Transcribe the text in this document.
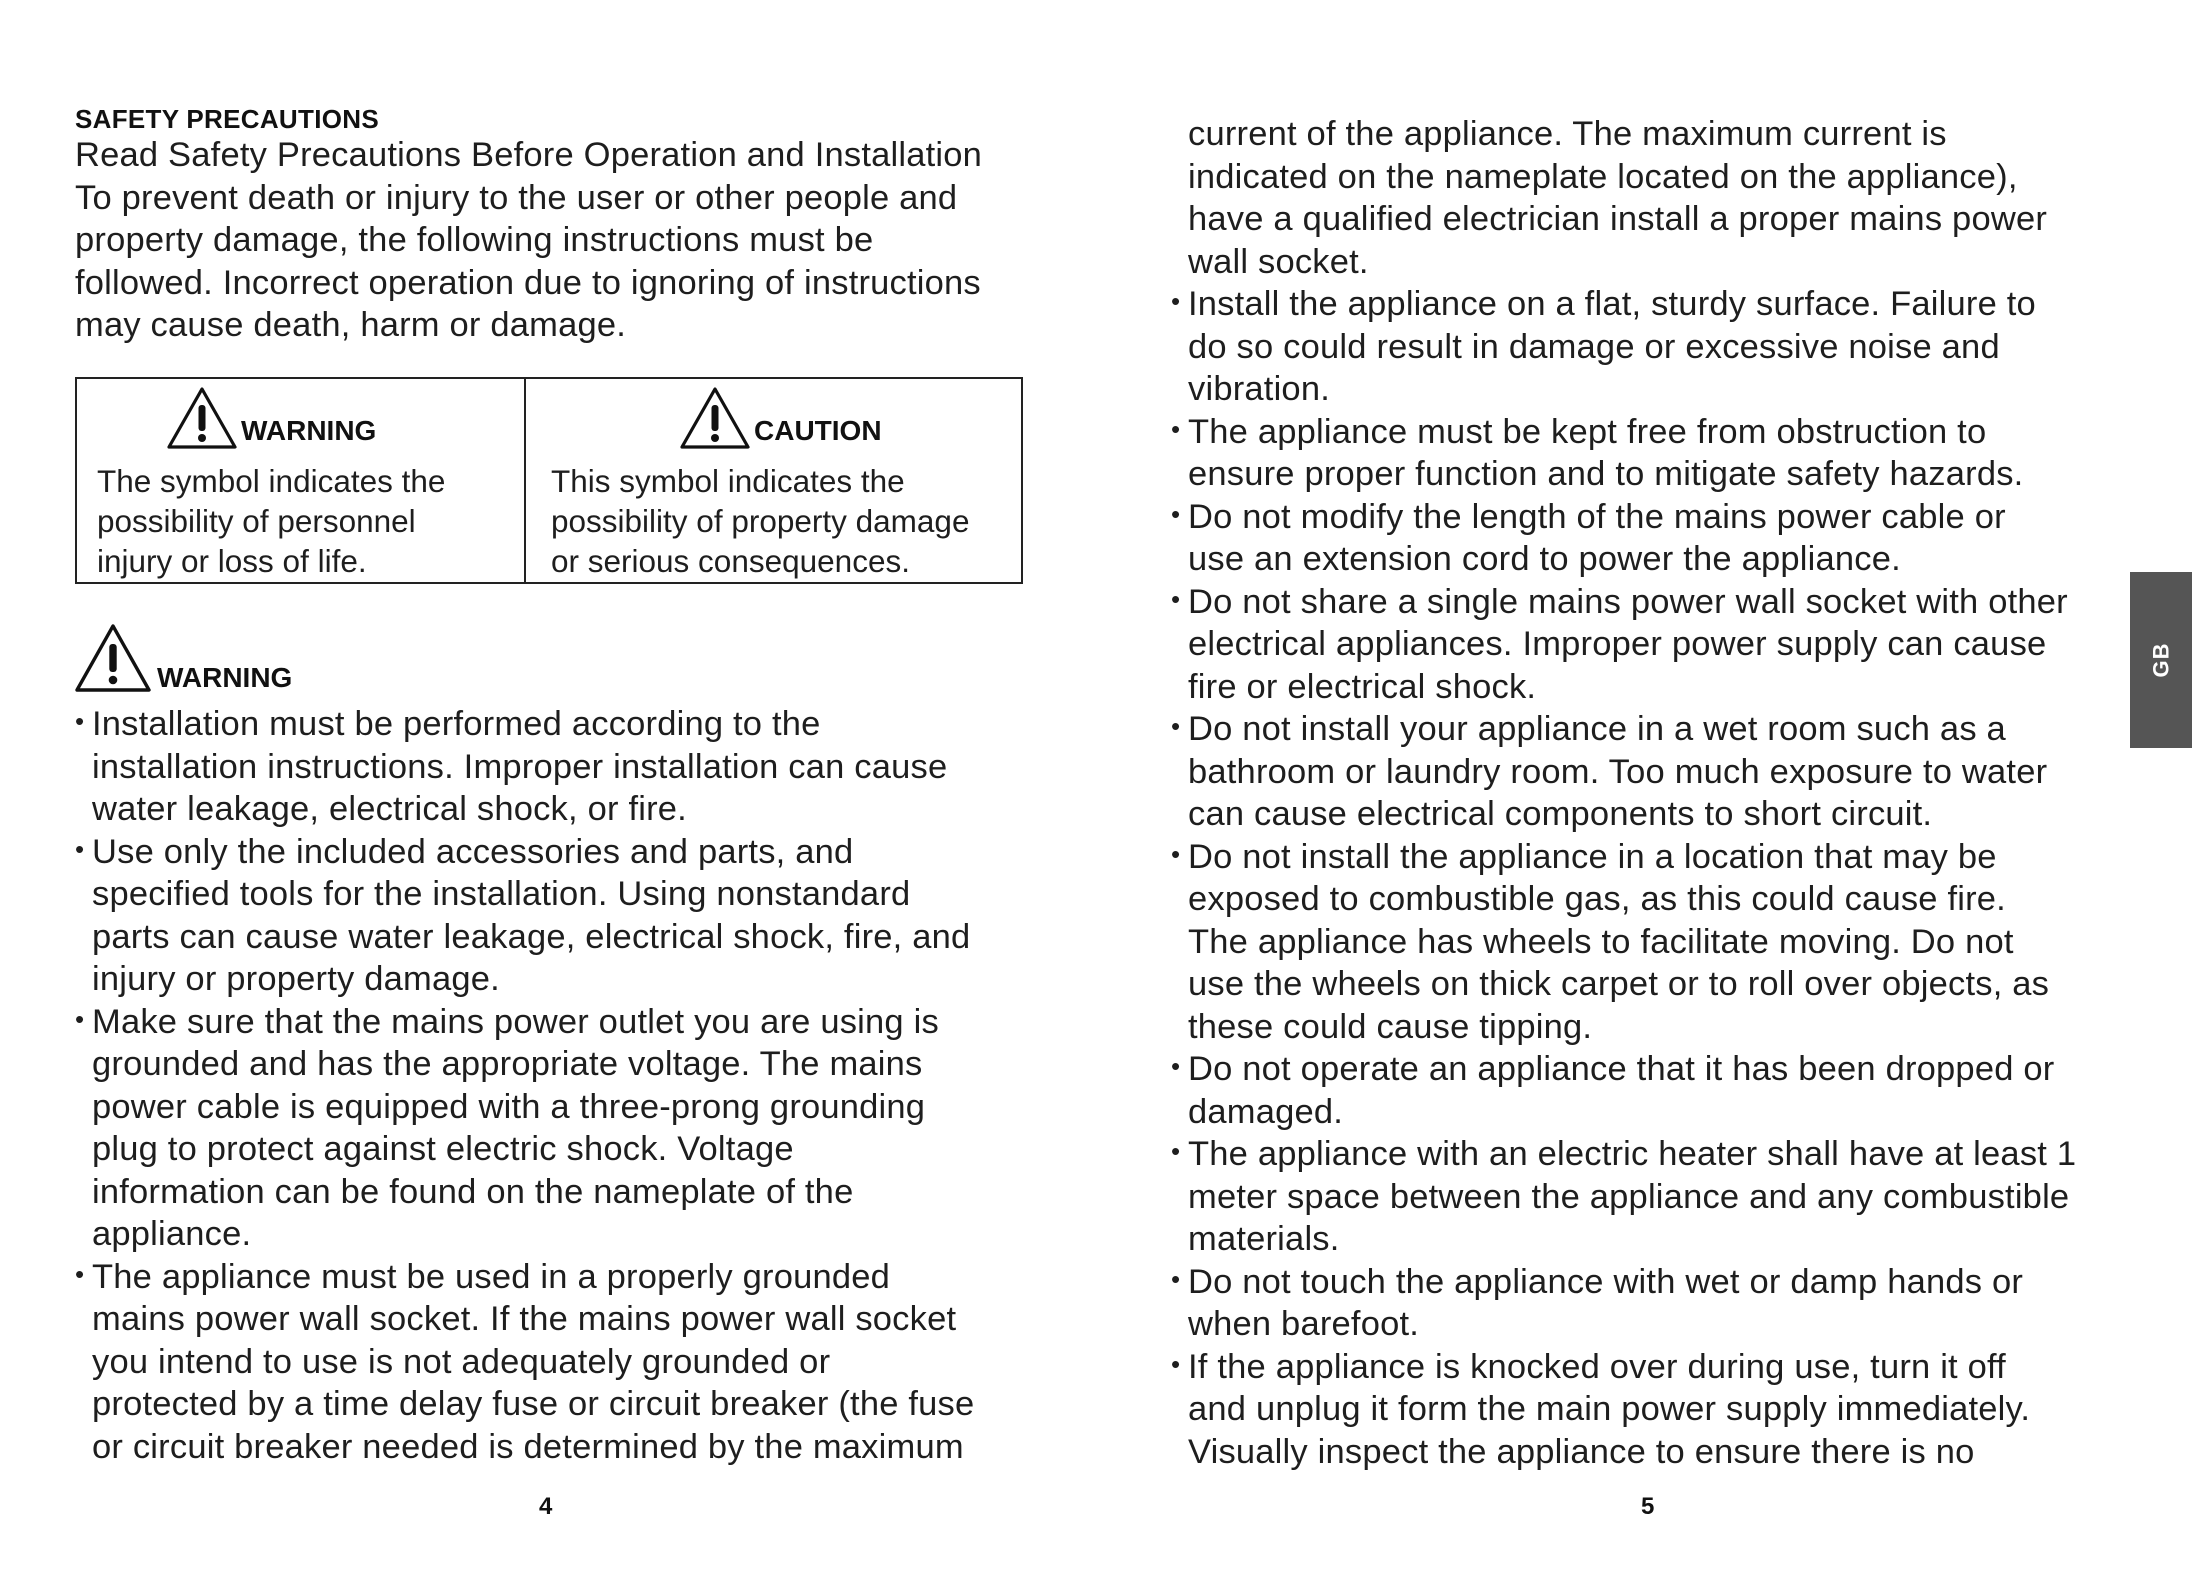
SAFETY PRECAUTIONS
Read Safety Precautions Before Operation and Installation
To prevent death or injury to the user or other people and
property damage, the following instructions must be
followed. Incorrect operation due to ignoring of instructions
may cause death, harm or damage.
WARNING
The symbol indicates the
possibility of personnel
injury or loss of life.
CAUTION
This symbol indicates the
possibility of property damage
or serious consequences.
WARNING
• Installation must be performed according to the
installation instructions. Improper installation can cause
water leakage, electrical shock, or fire.
• Use only the included accessories and parts, and
specified tools for the installation. Using nonstandard
parts can cause water leakage, electrical shock, fire, and
injury or property damage.
• Make sure that the mains power outlet you are using is
grounded and has the appropriate voltage. The mains
power cable is equipped with a three-prong grounding
plug to protect against electric shock. Voltage
information can be found on the nameplate of the
appliance.
• The appliance must be used in a properly grounded
mains power wall socket. If the mains power wall socket
you intend to use is not adequately grounded or
protected by a time delay fuse or circuit breaker (the fuse
or circuit breaker needed is determined by the maximum
4
current of the appliance. The maximum current is
indicated on the nameplate located on the appliance),
have a qualified electrician install a proper mains power
wall socket.
• Install the appliance on a flat, sturdy surface. Failure to
do so could result in damage or excessive noise and
vibration.
• The appliance must be kept free from obstruction to
ensure proper function and to mitigate safety hazards.
• Do not modify the length of the mains power cable or
use an extension cord to power the appliance.
• Do not share a single mains power wall socket with other
electrical appliances. Improper power supply can cause
fire or electrical shock.
• Do not install your appliance in a wet room such as a
bathroom or laundry room. Too much exposure to water
can cause electrical components to short circuit.
• Do not install the appliance in a location that may be
exposed to combustible gas, as this could cause fire.
The appliance has wheels to facilitate moving. Do not
use the wheels on thick carpet or to roll over objects, as
these could cause tipping.
• Do not operate an appliance that it has been dropped or
damaged.
• The appliance with an electric heater shall have at least 1
meter space between the appliance and any combustible
materials.
• Do not touch the appliance with wet or damp hands or
when barefoot.
• If the appliance is knocked over during use, turn it off
and unplug it form the main power supply immediately.
Visually inspect the appliance to ensure there is no
5
GB
